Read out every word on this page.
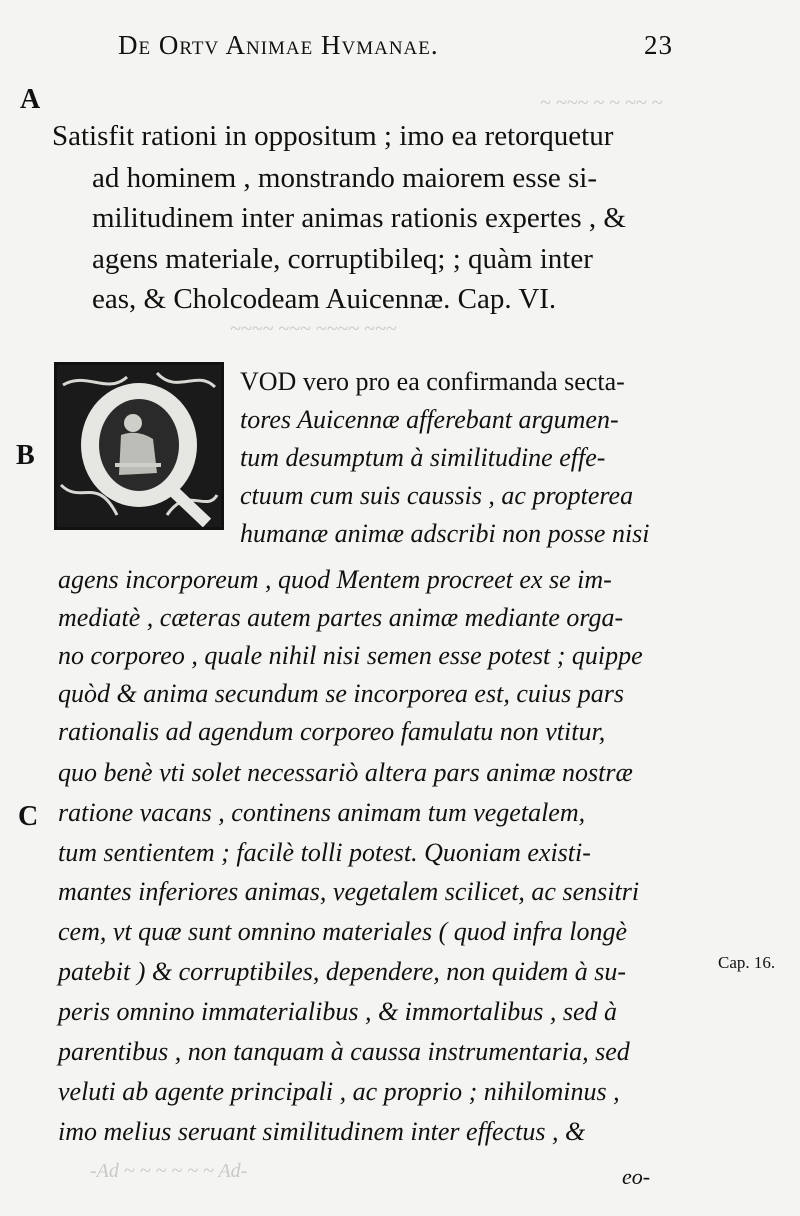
De Ortv Animae Hvmanae.	23
~ ~~~ ~ ~ ~~ ~
~~~~ ~~~ ~~~~ ~~~
A
B
C
Satisfit rationi in oppositum ; imo ea retorquetur
ad hominem , monstrando maiorem esse si-
militudinem inter animas rationis expertes , &
agens materiale, corruptibileq; ; quàm inter
eas, & Cholcodeam Auicennæ. Cap. VI.
VOD vero pro ea confirmanda secta-
tores Auicennæ afferebant argumen-
tum desumptum à similitudine effe-
ctuum cum suis caussis , ac propterea
humanæ animæ adscribi non posse nisi
agens incorporeum , quod Mentem procreet ex se im-
mediatè , cæteras autem partes animæ mediante orga-
no corporeo , quale nihil nisi semen esse potest ; quippe
quòd & anima secundum se incorporea est, cuius pars
rationalis ad agendum corporeo famulatu non vtitur,
quo benè vti solet necessariò altera pars animæ nostræ
ratione vacans , continens animam tum vegetalem,
tum sentientem ; facilè tolli potest. Quoniam existi-
mantes inferiores animas, vegetalem scilicet, ac sensitri
cem, vt quæ sunt omnino materiales ( quod infra longè
patebit ) & corruptibiles, dependere, non quidem à su-
peris omnino immaterialibus , & immortalibus , sed à
parentibus , non tanquam à caussa instrumentaria, sed
veluti ab agente principali , ac proprio ; nihilominus ,
imo melius seruant similitudinem inter effectus , &
Cap. 16.
eo-
-Ad ~ ~ ~ ~ ~ ~ Ad-
